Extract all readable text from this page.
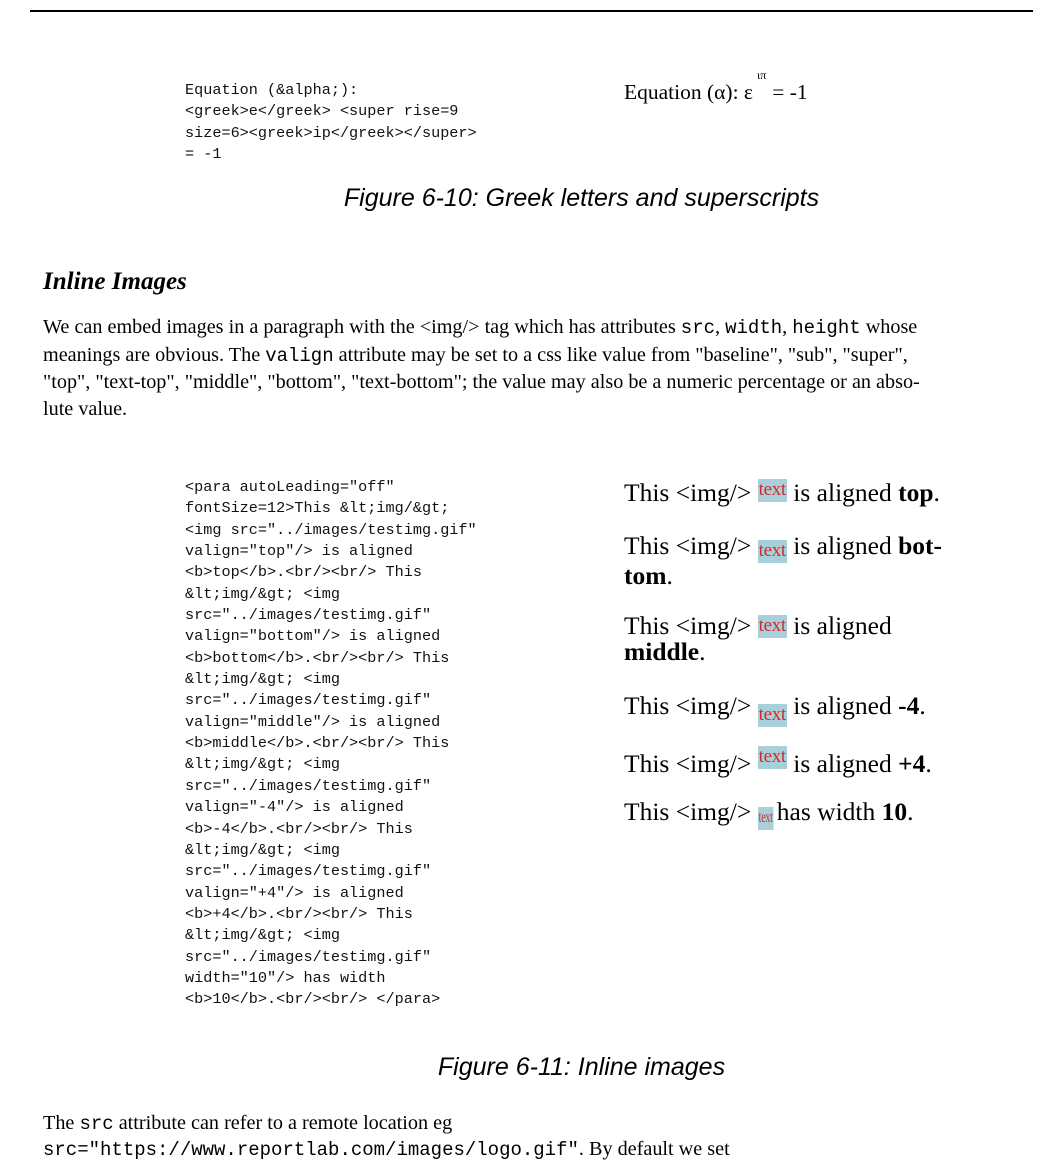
Equation (&alpha;):
<greek>e</greek> <super rise=9
size=6><greek>ip</greek></super>
= -1
Equation (α): $\varepsilon^{\iota\pi}= -1$
Figure 6-10: Greek letters and superscripts
Inline Images
We can embed images in a paragraph with the <img/> tag which has attributes src, width, height whose
meanings are obvious. The valign attribute may be set to a css like value from "baseline", "sub", "super",
"top", "text-top", "middle", "bottom", "text-bottom"; the value may also be a numeric percentage or an abso-
lute value.
<para autoLeading="off"
fontSize=12>This &lt;img/&gt;
<img src="../images/testimg.gif"
valign="top"/> is aligned
<b>top</b>.<br/><br/> This
&lt;img/&gt; <img
src="../images/testimg.gif"
valign="bottom"/> is aligned
<b>bottom</b>.<br/><br/> This
&lt;img/&gt; <img
src="../images/testimg.gif"
valign="middle"/> is aligned
<b>middle</b>.<br/><br/> This
&lt;img/&gt; <img
src="../images/testimg.gif"
valign="-4"/> is aligned
<b>-4</b>.<br/><br/> This
&lt;img/&gt; <img
src="../images/testimg.gif"
valign="+4"/> is aligned
<b>+4</b>.<br/><br/> This
&lt;img/&gt; <img
src="../images/testimg.gif"
width="10"/> has width
<b>10</b>.<br/><br/> </para>
This <img/> text is aligned top.
This <img/> text is aligned bot-
tom.
This <img/> text is aligned
middle.
This <img/> text is aligned -4.
This <img/> text is aligned +4.
This <img/> text has width 10.
Figure 6-11: Inline images
The src attribute can refer to a remote location eg
src="https://www.reportlab.com/images/logo.gif". By default we set
